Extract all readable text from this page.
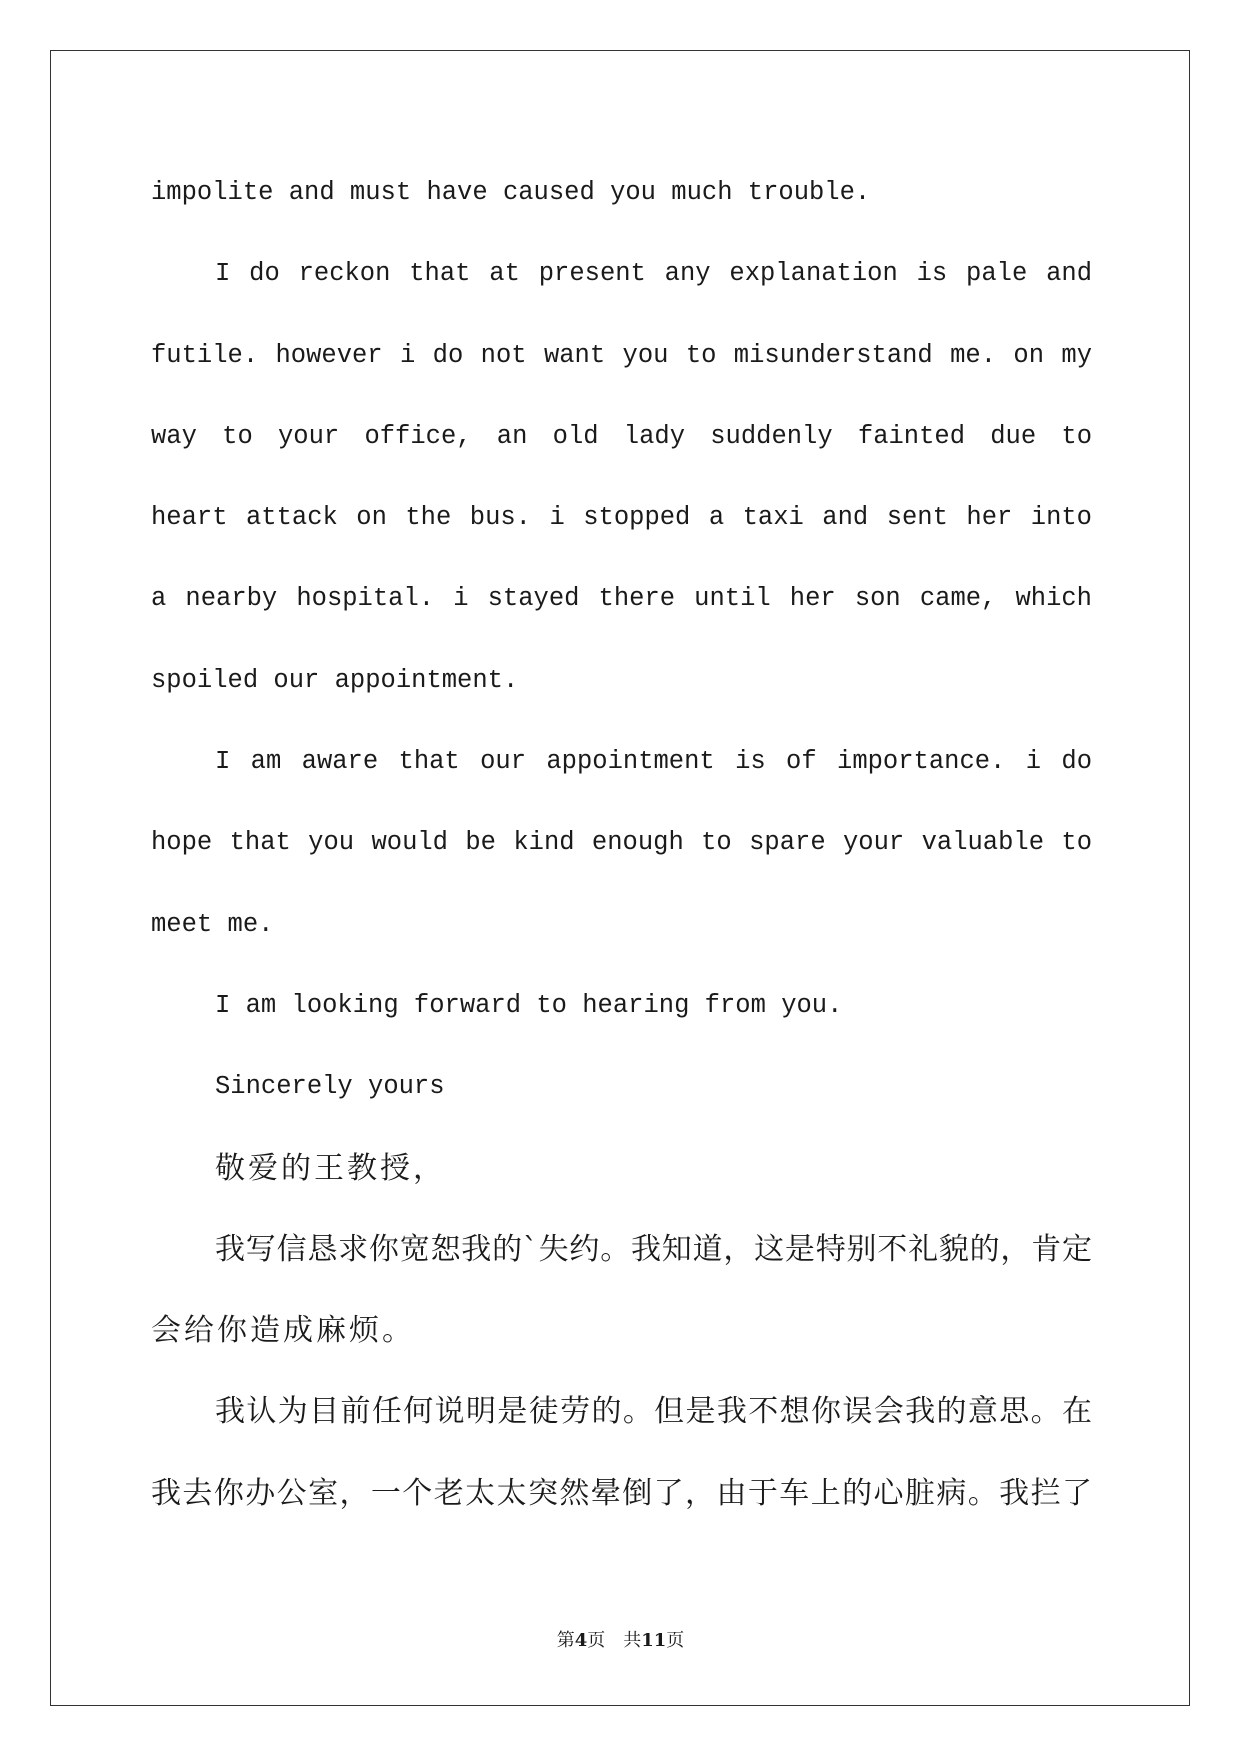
impolite and must have caused you much trouble.
I do reckon that at present any explanation is pale and
futile. however i do not want you to misunderstand me. on my
way to your office, an old lady suddenly fainted due to
heart attack on the bus. i stopped a taxi and sent her into
a nearby hospital. i stayed there until her son came, which
spoiled our appointment.
I am aware that our appointment is of importance. i do
hope that you would be kind enough to spare your valuable to
meet me.
I am looking forward to hearing from you.
Sincerely yours
敬爱的王教授，
我写信恳求你宽恕我的`失约。我知道，这是特别不礼貌的，肯定
会给你造成麻烦。
我认为目前任何说明是徒劳的。但是我不想你误会我的意思。在
我去你办公室，一个老太太突然晕倒了，由于车上的心脏病。我拦了
第4页 共11页
